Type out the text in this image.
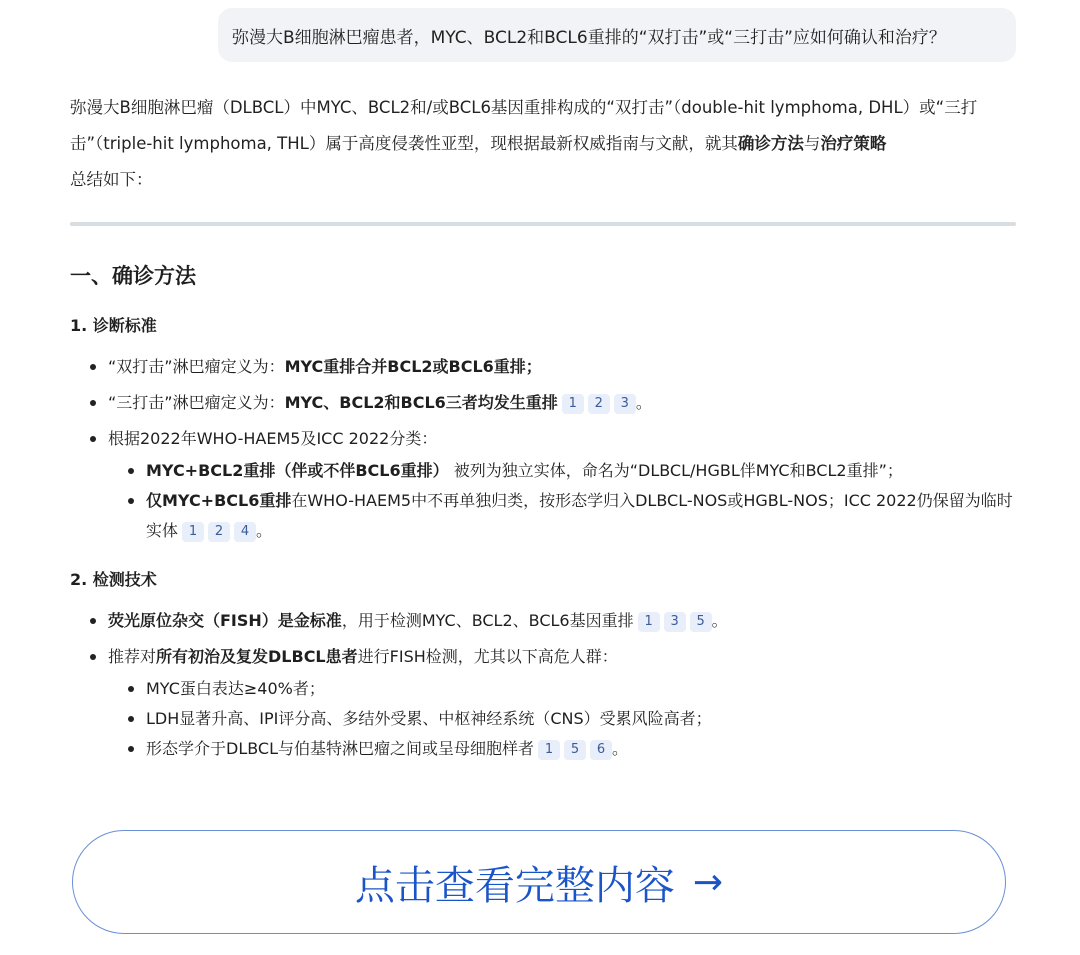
弥漫大B细胞淋巴瘤患者，MYC、BCL2和BCL6重排的“双打击”或“三打击”应如何确认和治疗？

弥漫大B细胞淋巴瘤（DLBCL）中MYC、BCL2和/或BCL6基因重排构成的“双打击”（double-hit lymphoma, DHL）或“三打击”（triple-hit lymphoma, THL）属于高度侵袭性亚型，现根据最新权威指南与文献，就其确诊方法与治疗策略
总结如下：

一、确诊方法
1. 诊断标准
“双打击”淋巴瘤定义为：MYC重排合并BCL2或BCL6重排；
“三打击”淋巴瘤定义为：MYC、BCL2和BCL6三者均发生重排 1 2 3 。
根据2022年WHO-HAEM5及ICC 2022分类：
MYC+BCL2重排（伴或不伴BCL6重排） 被列为独立实体，命名为“DLBCL/HGBL伴MYC和BCL2重排”；
仅MYC+BCL6重排在WHO-HAEM5中不再单独归类，按形态学归入DLBCL-NOS或HGBL-NOS；ICC 2022仍保留为临时实体 1 2 4 。
2. 检测技术
荧光原位杂交（FISH）是金标准，用于检测MYC、BCL2、BCL6基因重排 1 3 5 。
推荐对所有初治及复发DLBCL患者进行FISH检测，尤其以下高危人群：
MYC蛋白表达≥40%者；
LDH显著升高、IPI评分高、多结外受累、中枢神经系统（CNS）受累风险高者；
形态学介于DLBCL与伯基特淋巴瘤之间或呈母细胞样者 1 5 6 。
点击查看完整内容 →
